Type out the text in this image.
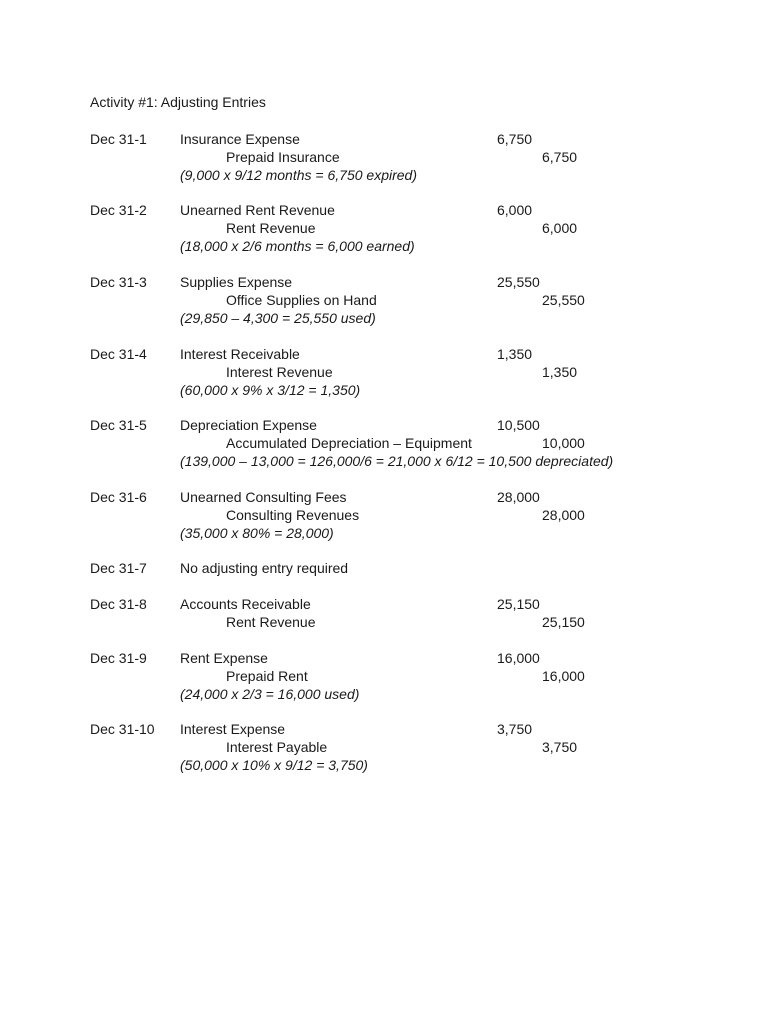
Activity #1: Adjusting Entries
Dec 31-1 Insurance Expense	6,750
Prepaid Insurance	6,750
(9,000 x 9/12 months = 6,750 expired)
Dec 31-2 Unearned Rent Revenue	6,000
Rent Revenue	6,000
(18,000 x 2/6 months = 6,000 earned)
Dec 31-3 Supplies Expense	25,550
Office Supplies on Hand	25,550
(29,850 – 4,300 = 25,550 used)
Dec 31-4 Interest Receivable	1,350
Interest Revenue	1,350
(60,000 x 9% x 3/12 = 1,350)
Dec 31-5 Depreciation Expense	10,500
Accumulated Depreciation – Equipment	10,000
(139,000 – 13,000 = 126,000/6 = 21,000 x 6/12 = 10,500 depreciated)
Dec 31-6 Unearned Consulting Fees	28,000
Consulting Revenues	28,000
(35,000 x 80% = 28,000)
Dec 31-7 No adjusting entry required
Dec 31-8 Accounts Receivable	25,150
Rent Revenue	25,150
Dec 31-9 Rent Expense	16,000
Prepaid Rent	16,000
(24,000 x 2/3 = 16,000 used)
Dec 31-10 Interest Expense	3,750
Interest Payable	3,750
(50,000 x 10% x 9/12 = 3,750)
